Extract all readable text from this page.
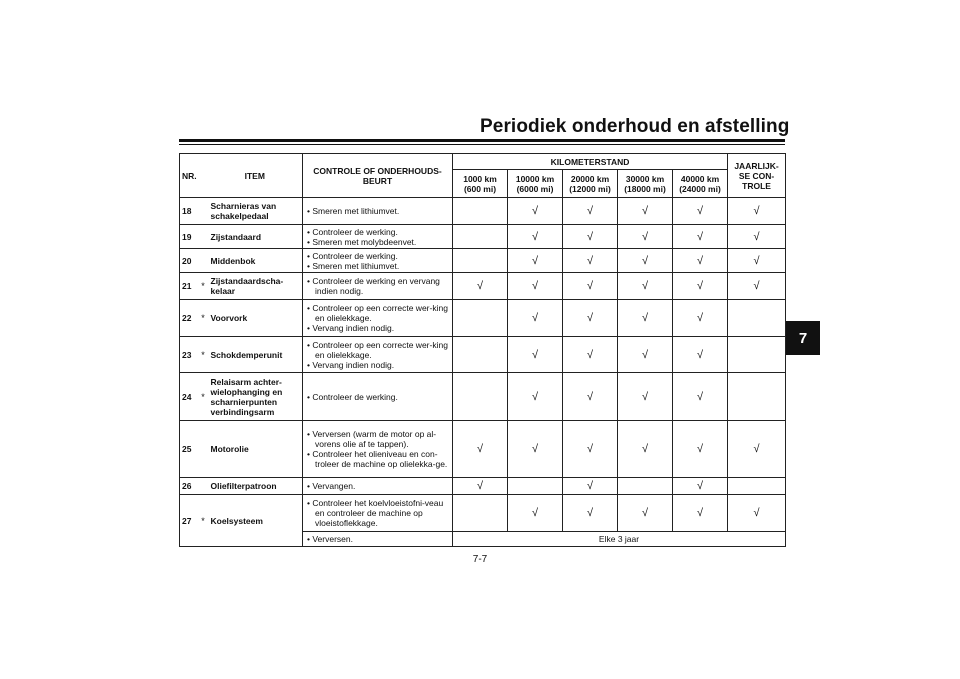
Periodiek onderhoud en afstelling
7
NR.		ITEM	CONTROLE OF ONDERHOUDS-BEURT	KILOMETERSTAND					JAARLIJK-SE CON-TROLE
				1000 km (600 mi)	10000 km (6000 mi)	20000 km (12000 mi)	30000 km (18000 mi)	40000 km (24000 mi)	
18		Scharnieras van schakelpedaal	• Smeren met lithiumvet.		√	√	√	√	√
19		Zijstandaard	• Controleer de werking.
• Smeren met molybdeenvet.		√	√	√	√	√
20		Middenbok	• Controleer de werking.
• Smeren met lithiumvet.		√	√	√	√	√
21	*	Zijstandaardscha-kelaar	• Controleer de werking en vervang indien nodig.	√	√	√	√	√	√
22	*	Voorvork	• Controleer op een correcte wer-king en olielekkage.
• Vervang indien nodig.		√	√	√	√	
23	*	Schokdemperunit	• Controleer op een correcte wer-king en olielekkage.
• Vervang indien nodig.		√	√	√	√	
24	*	Relaisarm achter-wielophanging en scharnierpunten verbindingsarm	• Controleer de werking.		√	√	√	√	
25		Motorolie	• Verversen (warm de motor op al-vorens olie af te tappen).
• Controleer het olieniveau en con-troleer de machine op olielekka-ge.	√	√	√	√	√	√
26		Oliefilterpatroon	• Vervangen.	√		√		√	
27	*	Koelsysteem	• Controleer het koelvloeistofni-veau en controleer de machine op vloeistoflekkage.		√	√	√	√	√

			• Verversen.	Elke 3 jaar					
7-7
